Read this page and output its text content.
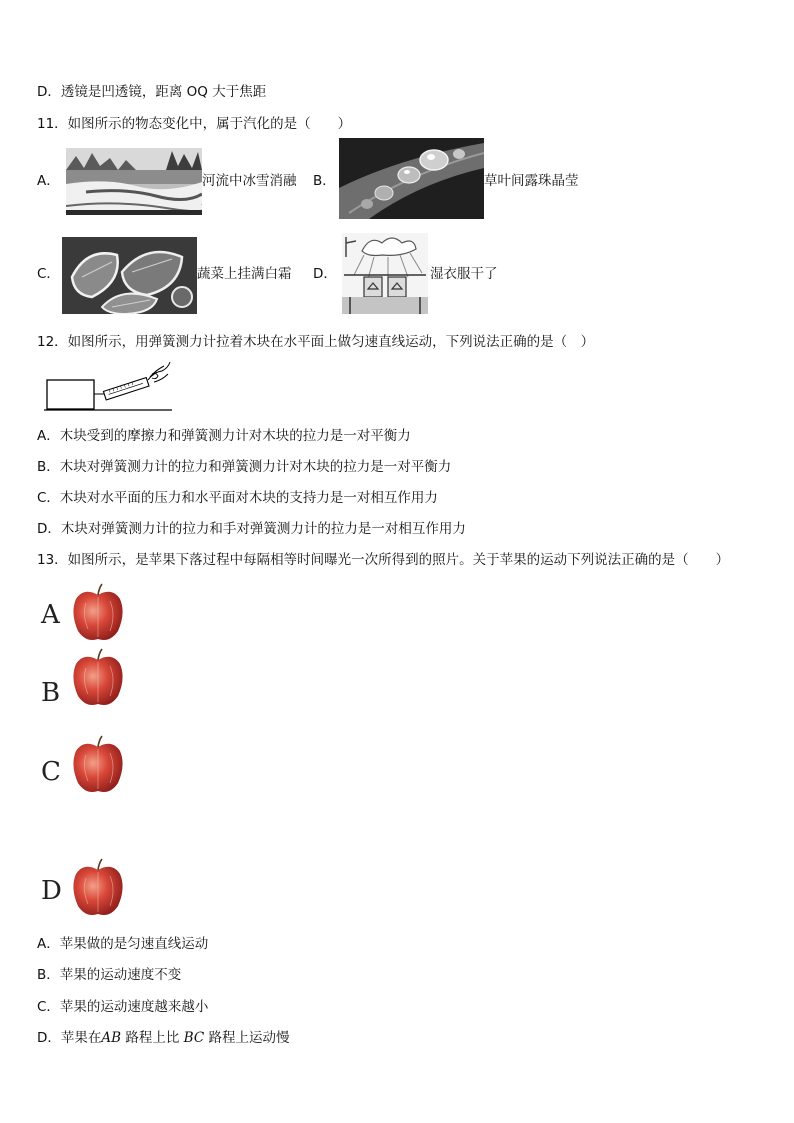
D．透镜是凹透镜，距离 OQ 大于焦距
11．如图所示的物态变化中，属于汽化的是（　　）
A．	河流中冰雪消融 B．	草叶间露珠晶莹
C．	蔬菜上挂满白霜 D．	湿衣服干了
12．如图所示，用弹簧测力计拉着木块在水平面上做匀速直线运动，下列说法正确的是（　）
A．木块受到的摩擦力和弹簧测力计对木块的拉力是一对平衡力
B．木块对弹簧测力计的拉力和弹簧测力计对木块的拉力是一对平衡力
C．木块对水平面的压力和水平面对木块的支持力是一对相互作用力
D．木块对弹簧测力计的拉力和手对弹簧测力计的拉力是一对相互作用力
13．如图所示，是苹果下落过程中每隔相等时间曝光一次所得到的照片。关于苹果的运动下列说法正确的是（　　）
A
B
C
D
A．苹果做的是匀速直线运动
B．苹果的运动速度不变
C．苹果的运动速度越来越小
D．苹果在AB 路程上比 BC 路程上运动慢
